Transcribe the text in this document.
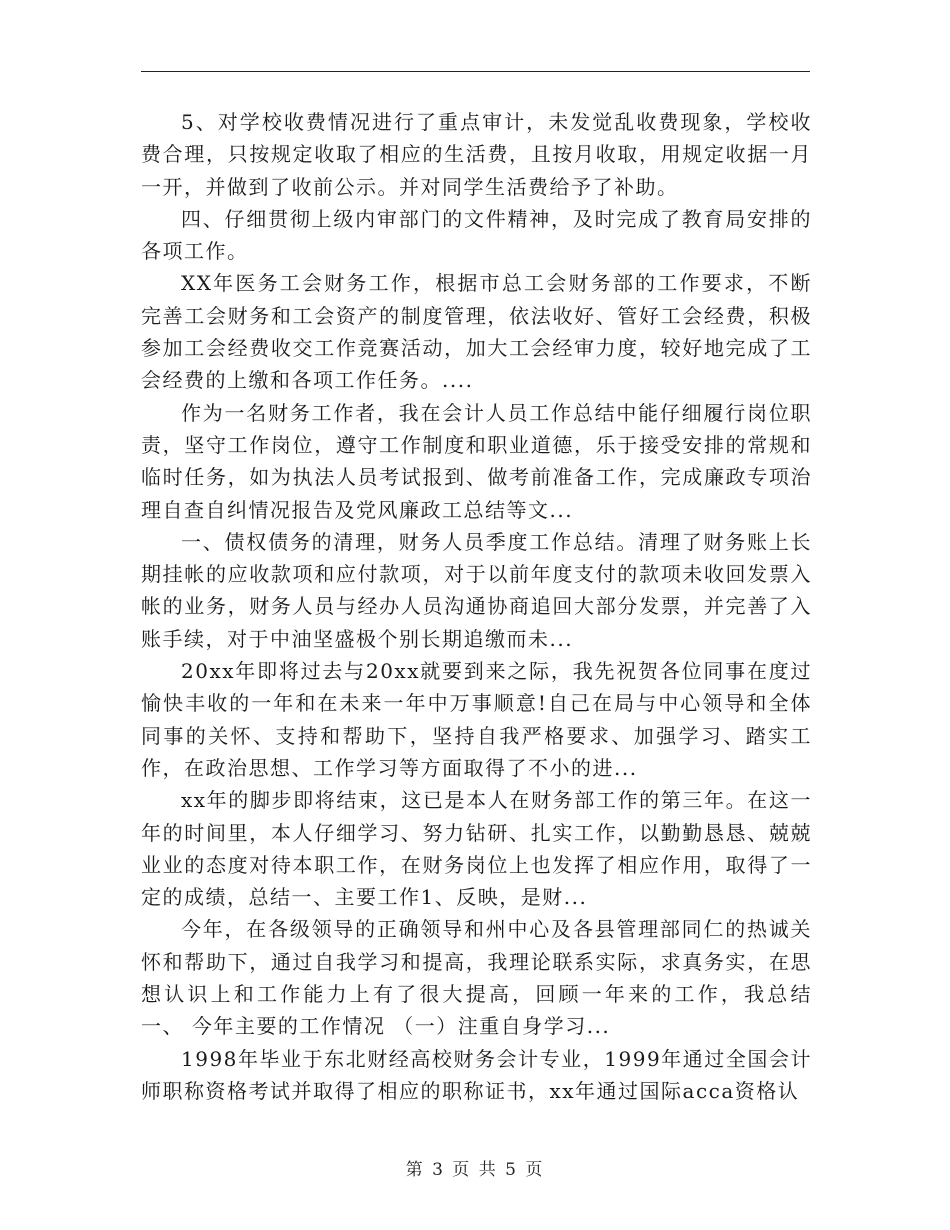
5、对学校收费情况进行了重点审计，未发觉乱收费现象，学校收费合理，只按规定收取了相应的生活费，且按月收取，用规定收据一月一开，并做到了收前公示。并对同学生活费给予了补助。

四、仔细贯彻上级内审部门的文件精神，及时完成了教育局安排的各项工作。

XX年医务工会财务工作，根据市总工会财务部的工作要求，不断完善工会财务和工会资产的制度管理，依法收好、管好工会经费，积极参加工会经费收交工作竞赛活动，加大工会经审力度，较好地完成了工会经费的上缴和各项工作任务。....

作为一名财务工作者，我在会计人员工作总结中能仔细履行岗位职责，坚守工作岗位，遵守工作制度和职业道德，乐于接受安排的常规和临时任务，如为执法人员考试报到、做考前准备工作，完成廉政专项治理自查自纠情况报告及党风廉政工总结等文...

一、债权债务的清理，财务人员季度工作总结。清理了财务账上长期挂帐的应收款项和应付款项，对于以前年度支付的款项未收回发票入帐的业务，财务人员与经办人员沟通协商追回大部分发票，并完善了入账手续，对于中油坚盛极个别长期追缴而未...

20xx年即将过去与20xx就要到来之际，我先祝贺各位同事在度过愉快丰收的一年和在未来一年中万事顺意!自己在局与中心领导和全体同事的关怀、支持和帮助下，坚持自我严格要求、加强学习、踏实工作，在政治思想、工作学习等方面取得了不小的进...

xx年的脚步即将结束，这已是本人在财务部工作的第三年。在这一年的时间里，本人仔细学习、努力钻研、扎实工作，以勤勤恳恳、兢兢业业的态度对待本职工作，在财务岗位上也发挥了相应作用，取得了一定的成绩，总结一、主要工作1、反映，是财...

今年，在各级领导的正确领导和州中心及各县管理部同仁的热诚关怀和帮助下，通过自我学习和提高，我理论联系实际，求真务实，在思想认识上和工作能力上有了很大提高，回顾一年来的工作，我总结 一、 今年主要的工作情况 （一）注重自身学习...

1998年毕业于东北财经高校财务会计专业，1999年通过全国会计师职称资格考试并取得了相应的职称证书，xx年通过国际acca资格认

第 3 页 共 5 页
